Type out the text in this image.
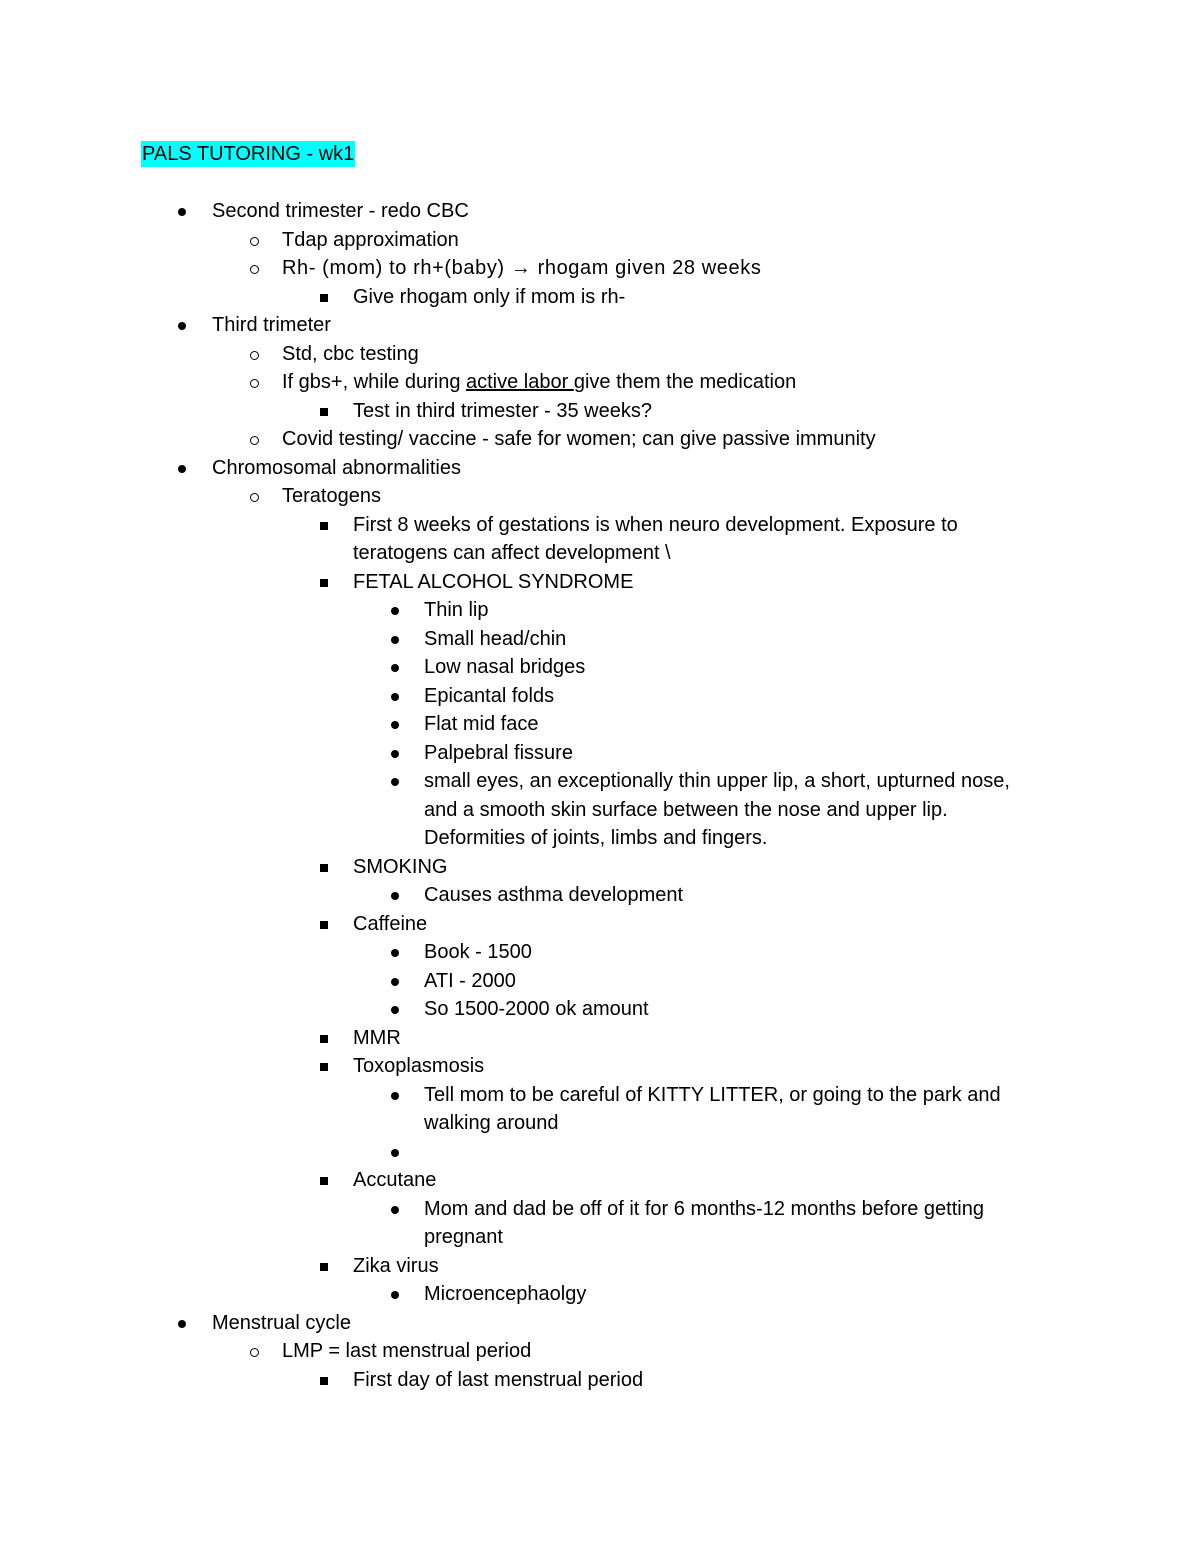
PALS TUTORING - wk1
Second trimester - redo CBC
Tdap approximation
Rh- (mom) to rh+(baby) → rhogam given 28 weeks
Give rhogam only if mom is rh-
Third trimeter
Std, cbc testing
If gbs+, while during active labor give them the medication
Test in third trimester - 35 weeks?
Covid testing/ vaccine - safe for women; can give passive immunity
Chromosomal abnormalities
Teratogens
First 8 weeks of gestations is when neuro development. Exposure to
teratogens can affect development \
FETAL ALCOHOL SYNDROME
Thin lip
Small head/chin
Low nasal bridges
Epicantal folds
Flat mid face
Palpebral fissure
small eyes, an exceptionally thin upper lip, a short, upturned nose,
and a smooth skin surface between the nose and upper lip.
Deformities of joints, limbs and fingers.
SMOKING
Causes asthma development
Caffeine
Book - 1500
ATI - 2000
So 1500-2000 ok amount
MMR
Toxoplasmosis
Tell mom to be careful of KITTY LITTER, or going to the park and
walking around
Accutane
Mom and dad be off of it for 6 months-12 months before getting
pregnant
Zika virus
Microencephaolgy
Menstrual cycle
LMP = last menstrual period
First day of last menstrual period
